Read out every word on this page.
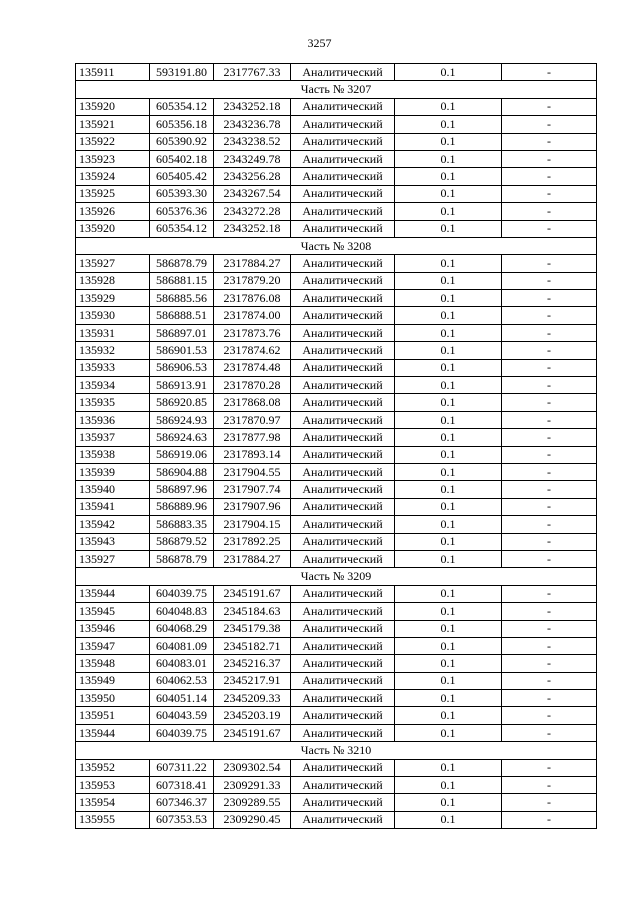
3257
135911	593191.80	2317767.33	Аналитический	0.1	-
Часть № 3207					
135920	605354.12	2343252.18	Аналитический	0.1	-
135921	605356.18	2343236.78	Аналитический	0.1	-
135922	605390.92	2343238.52	Аналитический	0.1	-
135923	605402.18	2343249.78	Аналитический	0.1	-
135924	605405.42	2343256.28	Аналитический	0.1	-
135925	605393.30	2343267.54	Аналитический	0.1	-
135926	605376.36	2343272.28	Аналитический	0.1	-
135920	605354.12	2343252.18	Аналитический	0.1	-
Часть № 3208					
135927	586878.79	2317884.27	Аналитический	0.1	-
135928	586881.15	2317879.20	Аналитический	0.1	-
135929	586885.56	2317876.08	Аналитический	0.1	-
135930	586888.51	2317874.00	Аналитический	0.1	-
135931	586897.01	2317873.76	Аналитический	0.1	-
135932	586901.53	2317874.62	Аналитический	0.1	-
135933	586906.53	2317874.48	Аналитический	0.1	-
135934	586913.91	2317870.28	Аналитический	0.1	-
135935	586920.85	2317868.08	Аналитический	0.1	-
135936	586924.93	2317870.97	Аналитический	0.1	-
135937	586924.63	2317877.98	Аналитический	0.1	-
135938	586919.06	2317893.14	Аналитический	0.1	-
135939	586904.88	2317904.55	Аналитический	0.1	-
135940	586897.96	2317907.74	Аналитический	0.1	-
135941	586889.96	2317907.96	Аналитический	0.1	-
135942	586883.35	2317904.15	Аналитический	0.1	-
135943	586879.52	2317892.25	Аналитический	0.1	-
135927	586878.79	2317884.27	Аналитический	0.1	-
Часть № 3209					
135944	604039.75	2345191.67	Аналитический	0.1	-
135945	604048.83	2345184.63	Аналитический	0.1	-
135946	604068.29	2345179.38	Аналитический	0.1	-
135947	604081.09	2345182.71	Аналитический	0.1	-
135948	604083.01	2345216.37	Аналитический	0.1	-
135949	604062.53	2345217.91	Аналитический	0.1	-
135950	604051.14	2345209.33	Аналитический	0.1	-
135951	604043.59	2345203.19	Аналитический	0.1	-
135944	604039.75	2345191.67	Аналитический	0.1	-
Часть № 3210					
135952	607311.22	2309302.54	Аналитический	0.1	-
135953	607318.41	2309291.33	Аналитический	0.1	-
135954	607346.37	2309289.55	Аналитический	0.1	-
135955	607353.53	2309290.45	Аналитический	0.1	-
